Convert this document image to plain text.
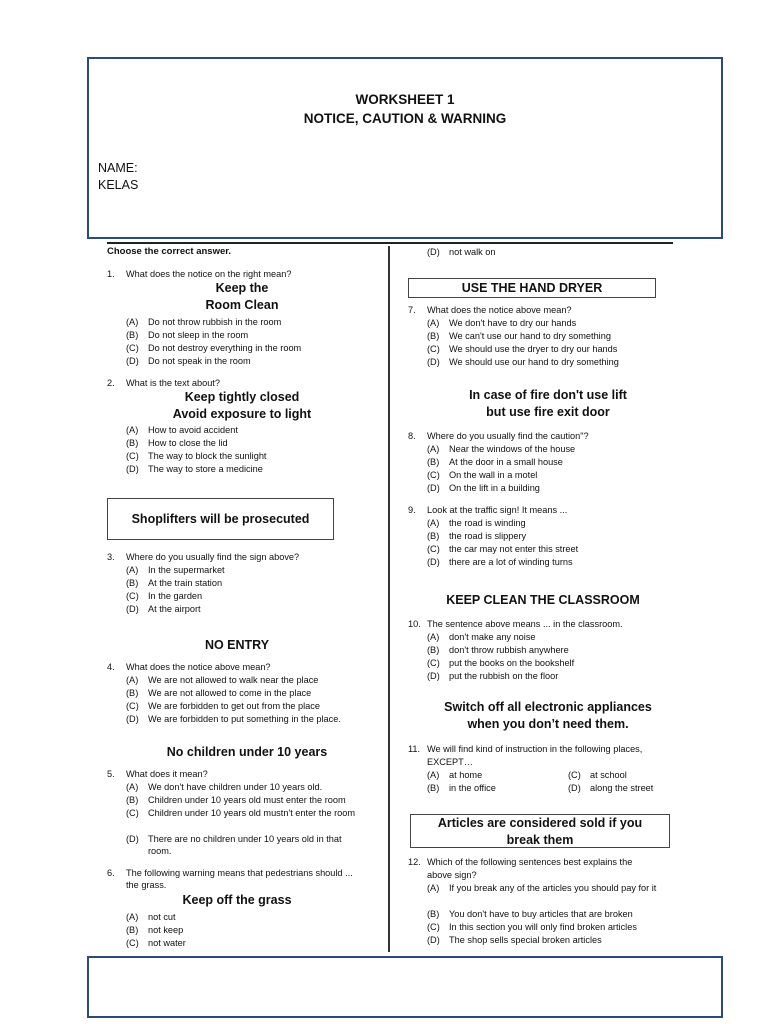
WORKSHEET 1
NOTICE, CAUTION & WARNING
NAME:
KELAS
Choose the correct answer.
1.	What does the notice on the right mean?
Keep the
Room Clean
(A)	Do not throw rubbish in the room
(B)	Do not sleep in the room
(C)	Do not destroy everything in the room
(D)	Do not speak in the room
2.	What is the text about?
Keep tightly closed
Avoid exposure to light
(A)	How to avoid accident
(B)	How to close the lid
(C)	The way to block the sunlight
(D)	The way to store a medicine
Shoplifters will be prosecuted
3.	Where do you usually find the sign above?
(A)	In the supermarket
(B)	At the train station
(C)	In the garden
(D)	At the airport
NO ENTRY
4.	What does the notice above mean?
(A)	We are not allowed to walk near the place
(B)	We are not allowed to come in the place
(C)	We are forbidden to get out from the place
(D)	We are forbidden to put something in the place.
No children under 10 years
5.	What does it mean?
(A)	We don't have children under 10 years old.
(B)	Children under 10 years old must enter the room
(C)	Children under 10 years old mustn't enter the room
(D)	There are no children under 10 years old in that room.
6.	The following warning means that pedestrians should ... the grass.
Keep off the grass
(A)	not cut
(B)	not keep
(C)	not water
(D)	not walk on
USE THE HAND DRYER
7.	What does the notice above mean?
(A)	We don't have to dry our hands
(B)	We can't use our hand to dry something
(C)	We should use the dryer to dry our hands
(D)	We should use our hand to dry something
In case of fire don't use lift
but use fire exit door
8.	Where do you usually find the caution"?
(A)	Near the windows of the house
(B)	At the door in a small house
(C)	On the wall in a motel
(D)	On the lift in a building
9.	Look at the traffic sign! It means ...
(A)	the road is winding
(B)	the road is slippery
(C)	the car may not enter this street
(D)	there are a lot of winding turns
KEEP CLEAN THE CLASSROOM
10. The sentence above means ... in the classroom.
(A)	don't make any noise
(B)	don't throw rubbish anywhere
(C)	put the books on the bookshelf
(D)	put the rubbish on the floor
Switch off all electronic appliances
when you don’t need them.
11. We will find kind of instruction in the following places,
EXCEPT…
(A)	at home
(B)	in the office
(C)	at school
(D)	along the street
Articles are considered sold if you
break them
12. Which of the following sentences best explains the
above sign?
(A)	If you break any of the articles you should pay for it
(B)	You don't have to buy articles that are broken
(C)	In this section you will only find broken articles
(D)	The shop sells special broken articles
